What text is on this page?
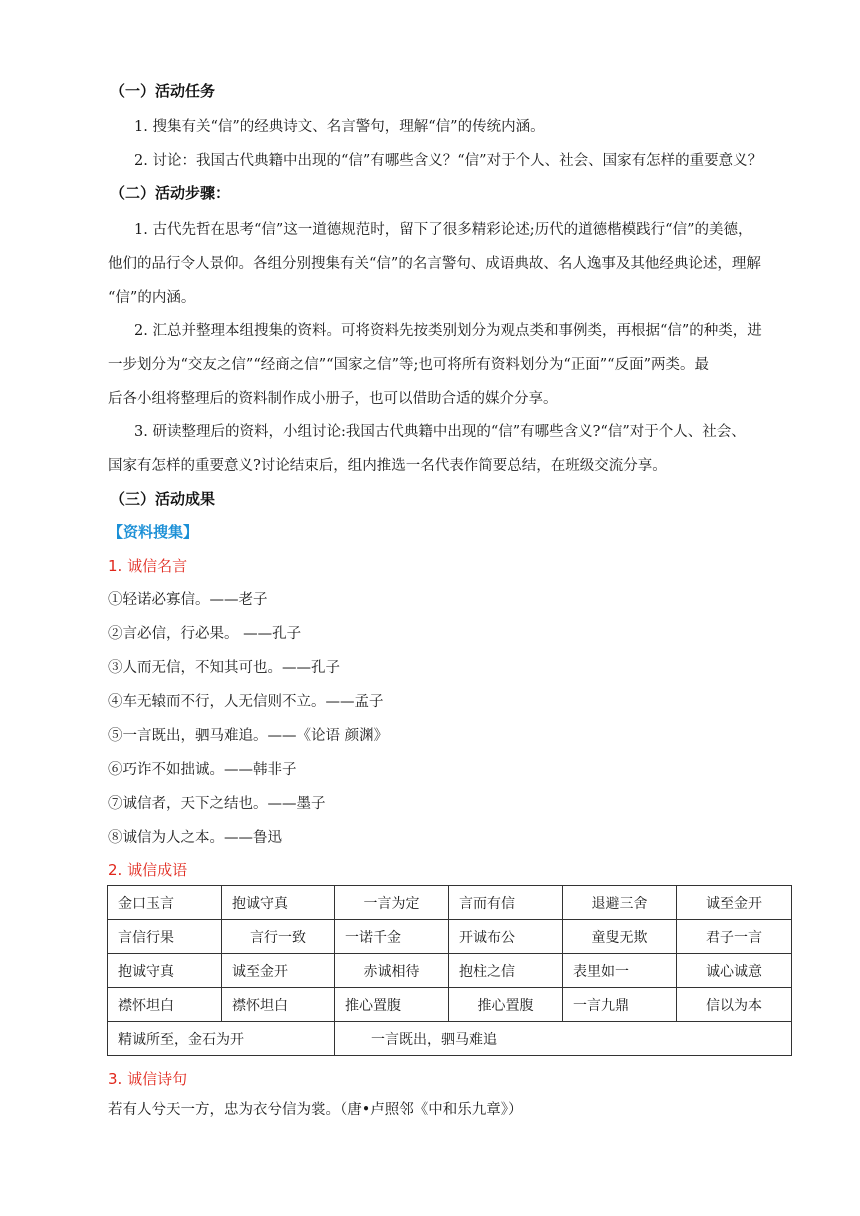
（一）活动任务
1. 搜集有关“信”的经典诗文、名言警句，理解“信”的传统内涵。
2. 讨论：我国古代典籍中出现的“信”有哪些含义？“信”对于个人、社会、国家有怎样的重要意义？
（二）活动步骤：
1. 古代先哲在思考“信”这一道德规范时，留下了很多精彩论述;历代的道德楷模践行“信”的美德，
他们的品行令人景仰。各组分别搜集有关“信”的名言警句、成语典故、名人逸事及其他经典论述，理解
“信”的内涵。
2. 汇总并整理本组搜集的资料。可将资料先按类别划分为观点类和事例类，再根据“信”的种类，进
一步划分为“交友之信”“经商之信”“国家之信”等;也可将所有资料划分为“正面”“反面”两类。最
后各小组将整理后的资料制作成小册子，也可以借助合适的媒介分享。
3. 研读整理后的资料，小组讨论:我国古代典籍中出现的“信”有哪些含义?“信”对于个人、社会、
国家有怎样的重要意义?讨论结束后，组内推选一名代表作简要总结，在班级交流分享。
（三）活动成果
【资料搜集】
1. 诚信名言
①轻诺必寡信。——老子
②言必信，行必果。 ——孔子
③人而无信，不知其可也。——孔子
④车无辕而不行，人无信则不立。——孟子
⑤一言既出，驷马难追。——《论语 颜渊》
⑥巧诈不如拙诚。——韩非子
⑦诚信者，天下之结也。——墨子
⑧诚信为人之本。——鲁迅
2. 诚信成语
金口玉言	抱诚守真	一言为定	言而有信	退避三舍	诚至金开
言信行果	言行一致	一诺千金	开诚布公	童叟无欺	君子一言
抱诚守真	诚至金开	赤诚相待	抱柱之信	表里如一	诚心诚意
襟怀坦白	襟怀坦白	推心置腹	推心置腹	一言九鼎	信以为本
精诚所至，金石为开		一言既出，驷马难追			
3. 诚信诗句
若有人兮天一方，忠为衣兮信为裳。（唐•卢照邻《中和乐九章》）
